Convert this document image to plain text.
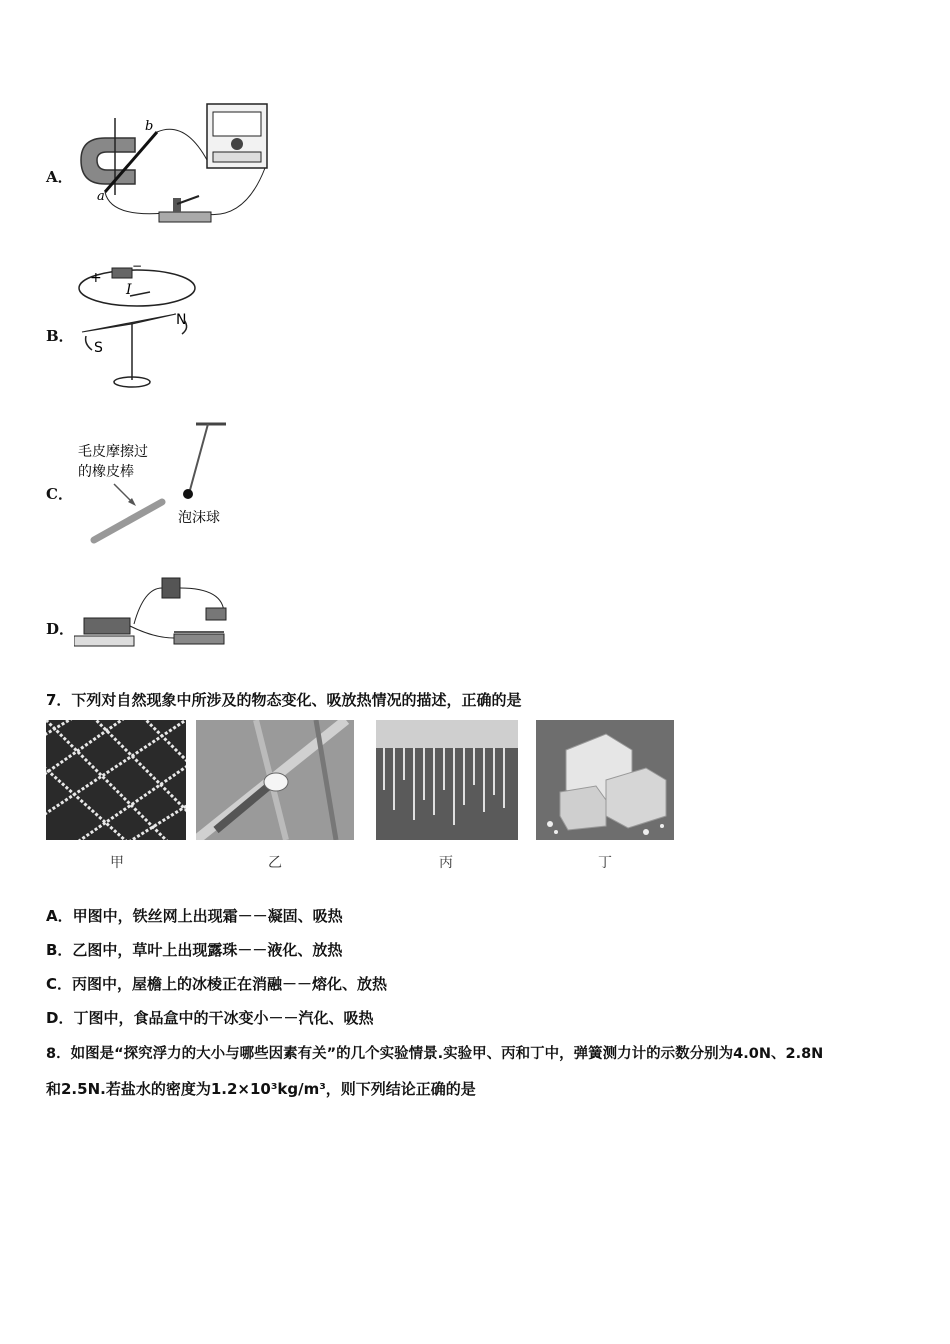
A．
b
a
B．
+
−
I
N
S
C．
毛皮摩擦过
的橡皮棒
泡沫球
D．
7．下列对自然现象中所涉及的物态变化、吸放热情况的描述，正确的是
甲	乙	丙	丁
A．甲图中，铁丝网上出现霜－－凝固、吸热
B．乙图中，草叶上出现露珠－－液化、放热
C．丙图中，屋檐上的冰棱正在消融－－熔化、放热
D．丁图中，食品盒中的干冰变小－－汽化、吸热
8．如图是“探究浮力的大小与哪些因素有关”的几个实验情景.实验甲、丙和丁中，弹簧测力计的示数分别为4.0N、2.8N
和2.5N.若盐水的密度为1.2×10³kg/m³，则下列结论正确的是
